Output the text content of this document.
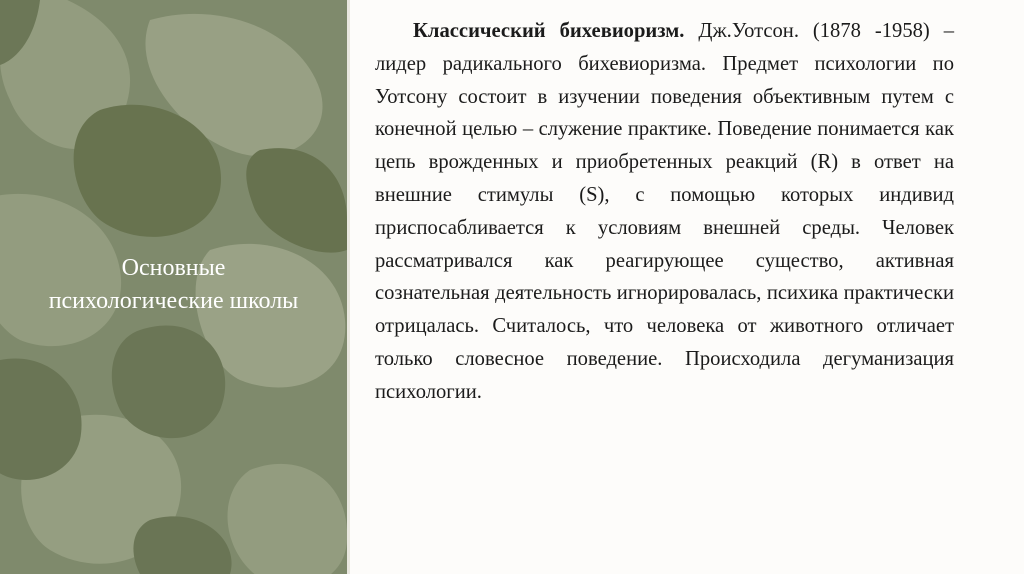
Основные
психологические школы

Классический бихевиоризм. Дж.Уотсон. (1878 -1958) – лидер радикального бихевиоризма. Предмет психологии по Уотсону состоит в изучении поведения объективным путем с конечной целью – служение практике. Поведение понимается как цепь врожденных и приобретенных реакций (R) в ответ на внешние стимулы (S), с помощью которых индивид приспосабливается к условиям внешней среды. Человек рассматривался как реагирующее существо, активная сознательная деятельность игнорировалась, психика практически отрицалась. Считалось, что человека от животного отличает только словесное поведение. Происходила дегуманизация психологии.
